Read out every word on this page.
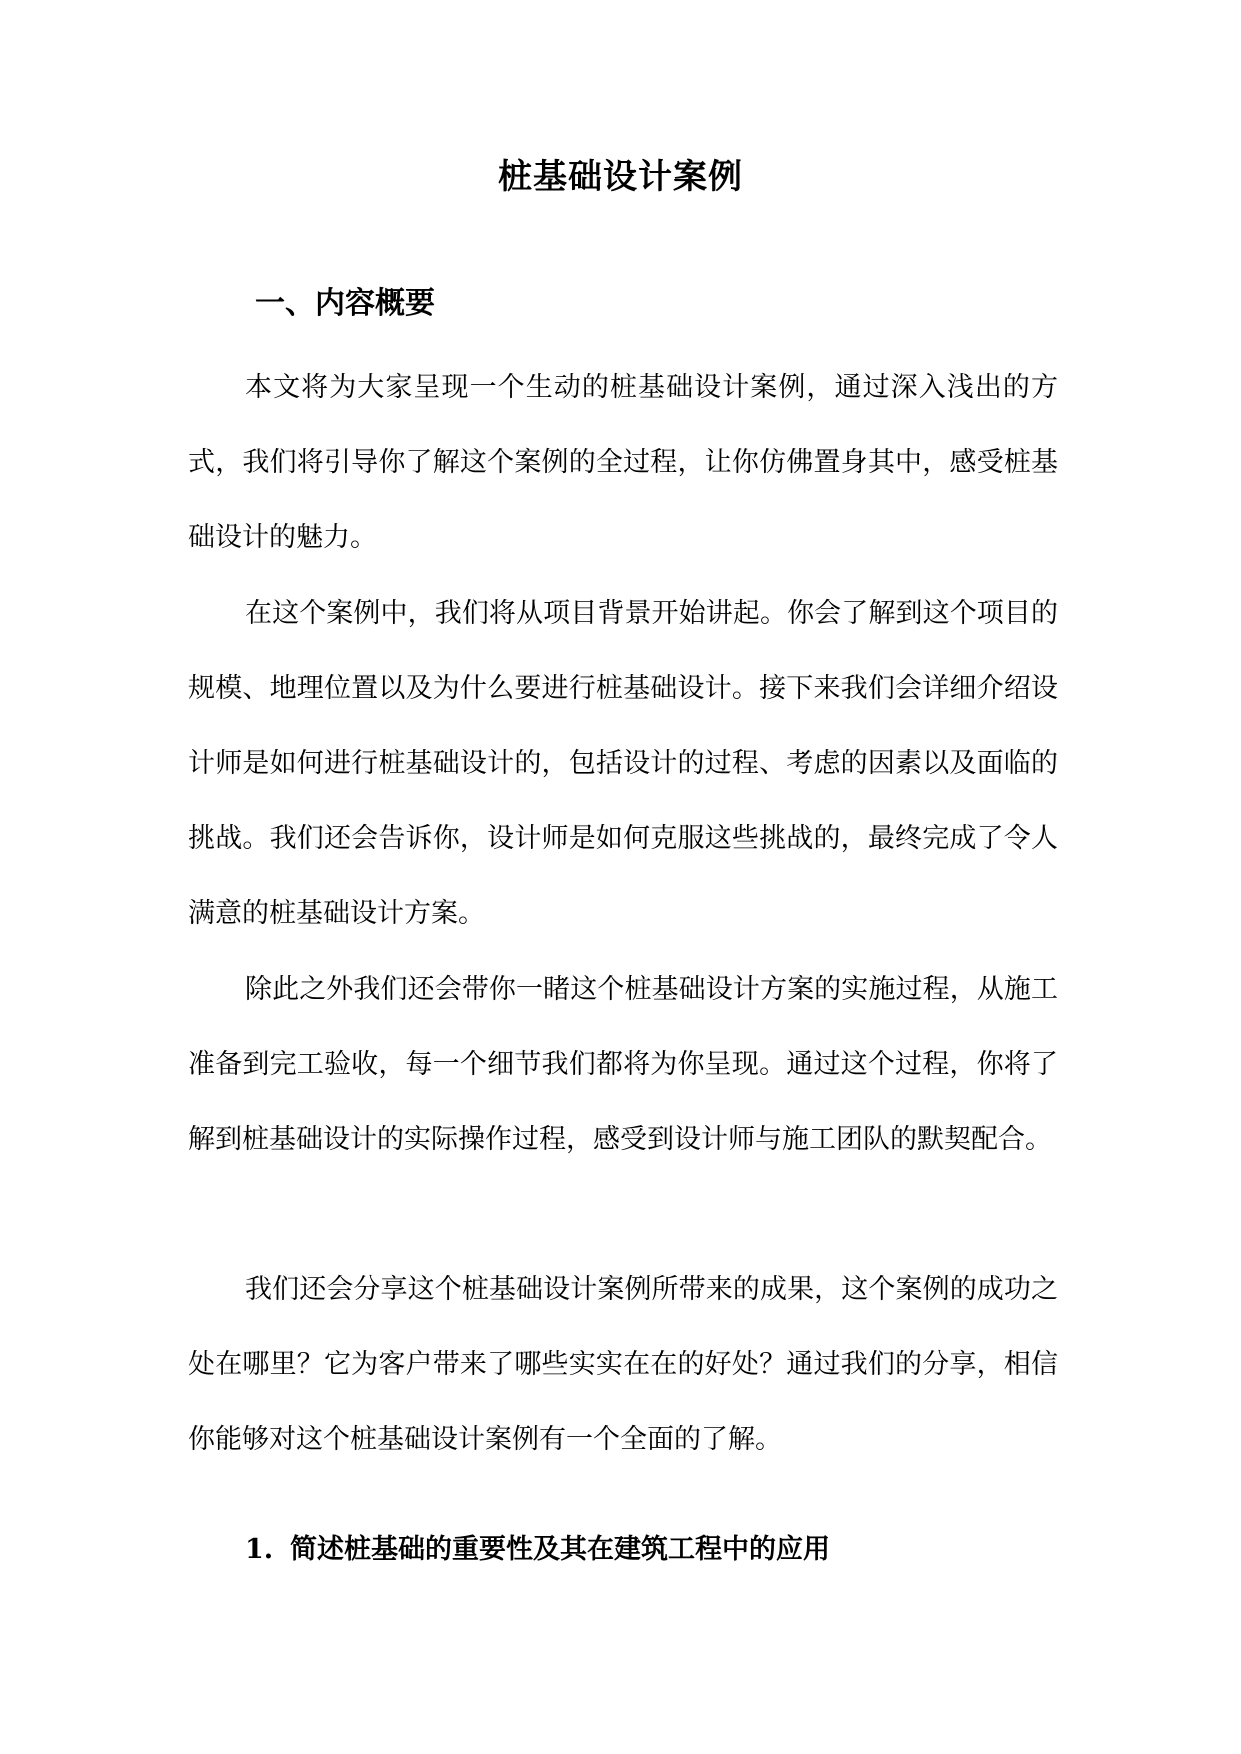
桩基础设计案例
一、内容概要

本文将为大家呈现一个生动的桩基础设计案例，通过深入浅出的方式，我们将引导你了解这个案例的全过程，让你仿佛置身其中，感受桩基础设计的魅力。

在这个案例中，我们将从项目背景开始讲起。你会了解到这个项目的规模、地理位置以及为什么要进行桩基础设计。接下来我们会详细介绍设计师是如何进行桩基础设计的，包括设计的过程、考虑的因素以及面临的挑战。我们还会告诉你，设计师是如何克服这些挑战的，最终完成了令人满意的桩基础设计方案。

除此之外我们还会带你一睹这个桩基础设计方案的实施过程，从施工准备到完工验收，每一个细节我们都将为你呈现。通过这个过程，你将了解到桩基础设计的实际操作过程，感受到设计师与施工团队的默契配合。

我们还会分享这个桩基础设计案例所带来的成果，这个案例的成功之处在哪里？它为客户带来了哪些实实在在的好处？通过我们的分享，相信你能够对这个桩基础设计案例有一个全面的了解。

1. 简述桩基础的重要性及其在建筑工程中的应用
